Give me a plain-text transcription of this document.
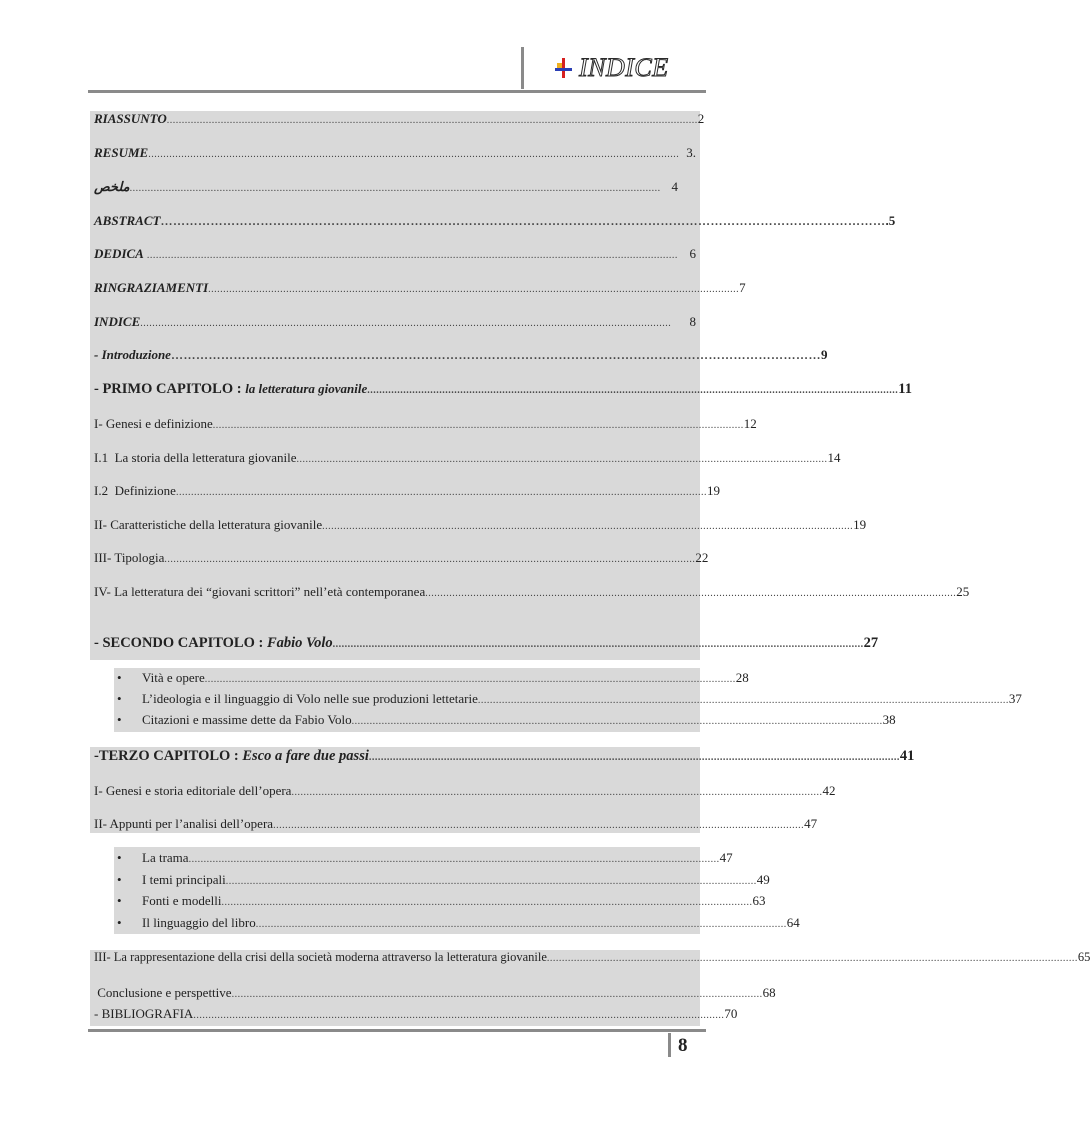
INDICE
RIASSUNTO ................................................................................................................................................................................. 2
RESUME ................................................................................................................................................................................. 3.
ملخص ................................................................................................................................................................................. 4
ABSTRACT ………………………………………………………………………………………………………………………………………………………… .5
DEDICA ................................................................................................................................................................................. 6
RINGRAZIAMENTI ................................................................................................................................................................................. 7
INDICE .................................................................................................................................................................................	8
- Introduzione ………………………………………………………………………………………………………………………………………… 9
- PRIMO CAPITOLO : la letteratura giovanile ................................................................................................................................................................................. 11
I- Genesi e definizione ................................................................................................................................................................................. 12
I.1  La storia della letteratura giovanile ................................................................................................................................................................................. 14
I.2  Definizione ................................................................................................................................................................................. 19
II- Caratteristiche della letteratura giovanile ................................................................................................................................................................................. 19
III- Tipologia ................................................................................................................................................................................. 22
IV- La letteratura dei “giovani scrittori” nell’età contemporanea ................................................................................................................................................................................. 25
- SECONDO CAPITOLO : Fabio Volo ................................................................................................................................................................................. 27
•
Vità e opere ................................................................................................................................................................................. 28
•
L’ideologia e il linguaggio di Volo nelle sue produzioni lettetarie ................................................................................................................................................................................. 37
•
Citazioni e massime dette da Fabio Volo ................................................................................................................................................................................. 38
-TERZO CAPITOLO : Esco a fare due passi ................................................................................................................................................................................. 41
I- Genesi e storia editoriale dell’opera ................................................................................................................................................................................. 42
II- Appunti per l’analisi dell’opera ................................................................................................................................................................................. 47
•
La trama ................................................................................................................................................................................. 47
•
I temi principali ................................................................................................................................................................................. 49
•
Fonti e modelli ................................................................................................................................................................................. 63
•
Il linguaggio del libro ................................................................................................................................................................................. 64
III- La rappresentazione della crisi della società moderna attraverso la letteratura giovanile ................................................................................................................................................................................. 65
Conclusione e perspettive ................................................................................................................................................................................. 68
- BIBLIOGRAFIA ................................................................................................................................................................................. 70
8
